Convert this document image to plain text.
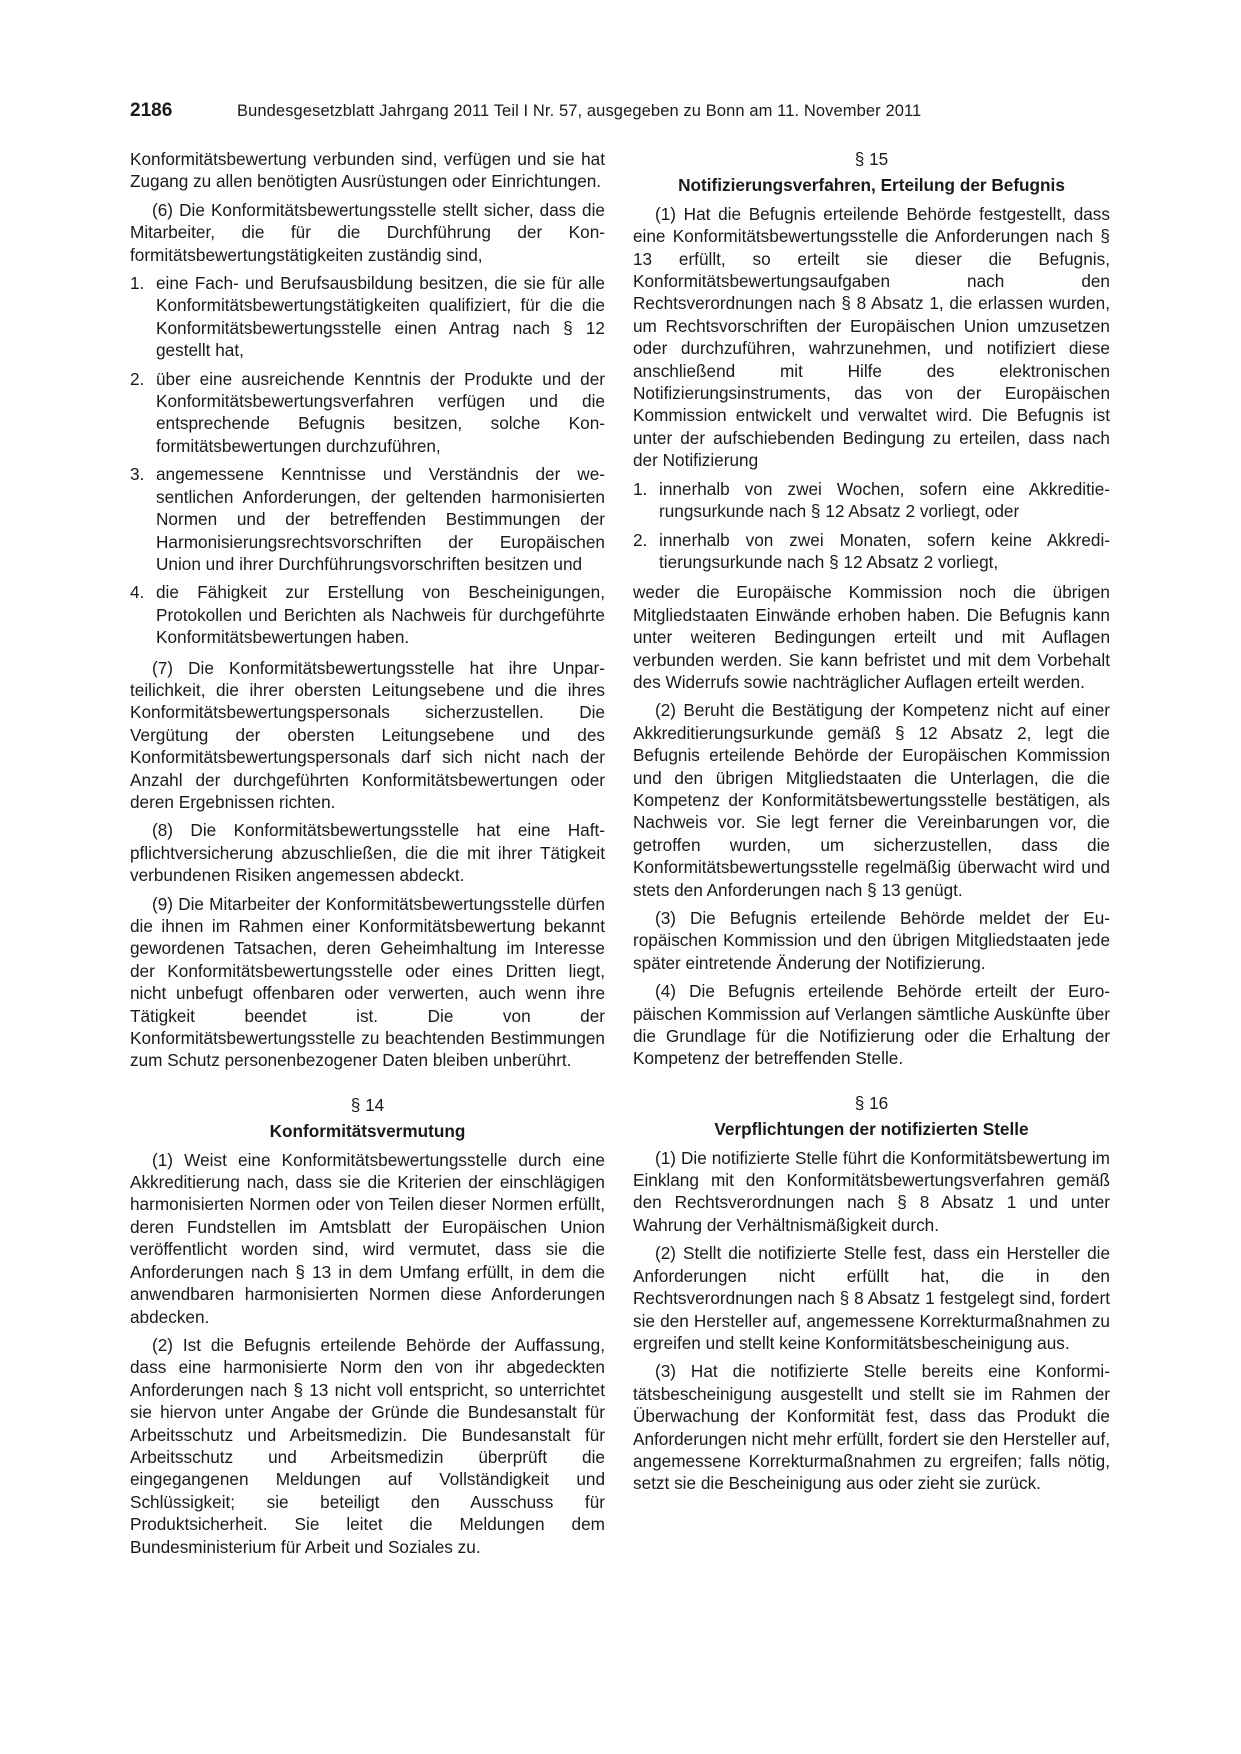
2186	Bundesgesetzblatt Jahrgang 2011 Teil I Nr. 57, ausgegeben zu Bonn am 11. November 2011

Konformitätsbewertung verbunden sind, verfügen und sie hat Zugang zu allen benötigten Ausrüstungen oder Einrichtungen.

(6) Die Konformitätsbewertungsstelle stellt sicher, dass die Mitarbeiter, die für die Durchführung der Konformitätsbewertungstätigkeiten zuständig sind,

1. eine Fach- und Berufsausbildung besitzen, die sie für alle Konformitätsbewertungstätigkeiten qualifiziert, für die die Konformitätsbewertungsstelle einen Antrag nach § 12 gestellt hat,
2. über eine ausreichende Kenntnis der Produkte und der Konformitätsbewertungsverfahren verfügen und die entsprechende Befugnis besitzen, solche Konformitätsbewertungen durchzuführen,
3. angemessene Kenntnisse und Verständnis der wesentlichen Anforderungen, der geltenden harmonisierten Normen und der betreffenden Bestimmungen der Harmonisierungsrechtsvorschriften der Europäischen Union und ihrer Durchführungsvorschriften besitzen und
4. die Fähigkeit zur Erstellung von Bescheinigungen, Protokollen und Berichten als Nachweis für durchgeführte Konformitätsbewertungen haben.

(7) Die Konformitätsbewertungsstelle hat ihre Unparteilichkeit, die ihrer obersten Leitungsebene und die ihres Konformitätsbewertungspersonals sicherzustellen. Die Vergütung der obersten Leitungsebene und des Konformitätsbewertungspersonals darf sich nicht nach der Anzahl der durchgeführten Konformitätsbewertungen oder deren Ergebnissen richten.

(8) Die Konformitätsbewertungsstelle hat eine Haftpflichtversicherung abzuschließen, die die mit ihrer Tätigkeit verbundenen Risiken angemessen abdeckt.

(9) Die Mitarbeiter der Konformitätsbewertungsstelle dürfen die ihnen im Rahmen einer Konformitätsbewertung bekannt gewordenen Tatsachen, deren Geheimhaltung im Interesse der Konformitätsbewertungsstelle oder eines Dritten liegt, nicht unbefugt offenbaren oder verwerten, auch wenn ihre Tätigkeit beendet ist. Die von der Konformitätsbewertungsstelle zu beachtenden Bestimmungen zum Schutz personenbezogener Daten bleiben unberührt.

§ 14
Konformitätsvermutung

(1) Weist eine Konformitätsbewertungsstelle durch eine Akkreditierung nach, dass sie die Kriterien der einschlägigen harmonisierten Normen oder von Teilen dieser Normen erfüllt, deren Fundstellen im Amtsblatt der Europäischen Union veröffentlicht worden sind, wird vermutet, dass sie die Anforderungen nach § 13 in dem Umfang erfüllt, in dem die anwendbaren harmonisierten Normen diese Anforderungen abdecken.

(2) Ist die Befugnis erteilende Behörde der Auffassung, dass eine harmonisierte Norm den von ihr abgedeckten Anforderungen nach § 13 nicht voll entspricht, so unterrichtet sie hiervon unter Angabe der Gründe die Bundesanstalt für Arbeitsschutz und Arbeitsmedizin. Die Bundesanstalt für Arbeitsschutz und Arbeitsmedizin überprüft die eingegangenen Meldungen auf Vollständigkeit und Schlüssigkeit; sie beteiligt den Ausschuss für Produktsicherheit. Sie leitet die Meldungen dem Bundesministerium für Arbeit und Soziales zu.

§ 15
Notifizierungsverfahren, Erteilung der Befugnis

(1) Hat die Befugnis erteilende Behörde festgestellt, dass eine Konformitätsbewertungsstelle die Anforderungen nach § 13 erfüllt, so erteilt sie dieser die Befugnis, Konformitätsbewertungsaufgaben nach den Rechtsverordnungen nach § 8 Absatz 1, die erlassen wurden, um Rechtsvorschriften der Europäischen Union umzusetzen oder durchzuführen, wahrzunehmen, und notifiziert diese anschließend mit Hilfe des elektronischen Notifizierungsinstruments, das von der Europäischen Kommission entwickelt und verwaltet wird. Die Befugnis ist unter der aufschiebenden Bedingung zu erteilen, dass nach der Notifizierung

1. innerhalb von zwei Wochen, sofern eine Akkreditierungsurkunde nach § 12 Absatz 2 vorliegt, oder
2. innerhalb von zwei Monaten, sofern keine Akkreditierungsurkunde nach § 12 Absatz 2 vorliegt,

weder die Europäische Kommission noch die übrigen Mitgliedstaaten Einwände erhoben haben. Die Befugnis kann unter weiteren Bedingungen erteilt und mit Auflagen verbunden werden. Sie kann befristet und mit dem Vorbehalt des Widerrufs sowie nachträglicher Auflagen erteilt werden.

(2) Beruht die Bestätigung der Kompetenz nicht auf einer Akkreditierungsurkunde gemäß § 12 Absatz 2, legt die Befugnis erteilende Behörde der Europäischen Kommission und den übrigen Mitgliedstaaten die Unterlagen, die die Kompetenz der Konformitätsbewertungsstelle bestätigen, als Nachweis vor. Sie legt ferner die Vereinbarungen vor, die getroffen wurden, um sicherzustellen, dass die Konformitätsbewertungsstelle regelmäßig überwacht wird und stets den Anforderungen nach § 13 genügt.

(3) Die Befugnis erteilende Behörde meldet der Europäischen Kommission und den übrigen Mitgliedstaaten jede später eintretende Änderung der Notifizierung.

(4) Die Befugnis erteilende Behörde erteilt der Europäischen Kommission auf Verlangen sämtliche Auskünfte über die Grundlage für die Notifizierung oder die Erhaltung der Kompetenz der betreffenden Stelle.

§ 16
Verpflichtungen der notifizierten Stelle

(1) Die notifizierte Stelle führt die Konformitätsbewertung im Einklang mit den Konformitätsbewertungsverfahren gemäß den Rechtsverordnungen nach § 8 Absatz 1 und unter Wahrung der Verhältnismäßigkeit durch.

(2) Stellt die notifizierte Stelle fest, dass ein Hersteller die Anforderungen nicht erfüllt hat, die in den Rechtsverordnungen nach § 8 Absatz 1 festgelegt sind, fordert sie den Hersteller auf, angemessene Korrekturmaßnahmen zu ergreifen und stellt keine Konformitätsbescheinigung aus.

(3) Hat die notifizierte Stelle bereits eine Konformitätsbescheinigung ausgestellt und stellt sie im Rahmen der Überwachung der Konformität fest, dass das Produkt die Anforderungen nicht mehr erfüllt, fordert sie den Hersteller auf, angemessene Korrekturmaßnahmen zu ergreifen; falls nötig, setzt sie die Bescheinigung aus oder zieht sie zurück.
